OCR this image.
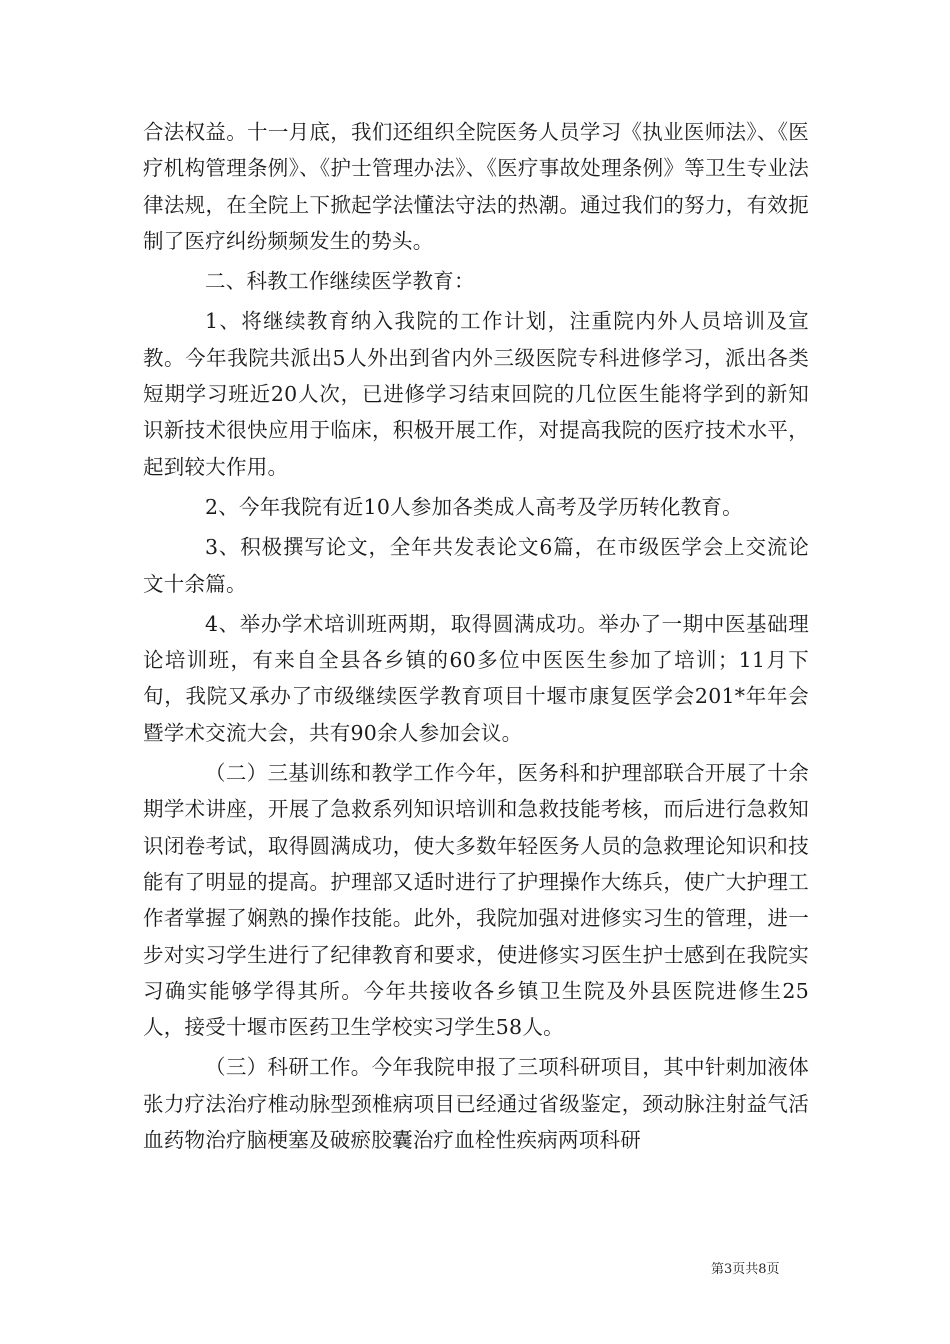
合法权益。十一月底，我们还组织全院医务人员学习《执业医师法》、《医疗机构管理条例》、《护士管理办法》、《医疗事故处理条例》等卫生专业法律法规，在全院上下掀起学法懂法守法的热潮。通过我们的努力，有效扼制了医疗纠纷频频发生的势头。

二、科教工作继续医学教育：

1、将继续教育纳入我院的工作计划，注重院内外人员培训及宣教。今年我院共派出5人外出到省内外三级医院专科进修学习，派出各类短期学习班近20人次，已进修学习结束回院的几位医生能将学到的新知识新技术很快应用于临床，积极开展工作，对提高我院的医疗技术水平，起到较大作用。

2、今年我院有近10人参加各类成人高考及学历转化教育。

3、积极撰写论文，全年共发表论文6篇，在市级医学会上交流论文十余篇。

4、举办学术培训班两期，取得圆满成功。举办了一期中医基础理论培训班，有来自全县各乡镇的60多位中医医生参加了培训；11月下旬，我院又承办了市级继续医学教育项目十堰市康复医学会201*年年会暨学术交流大会，共有90余人参加会议。

（二）三基训练和教学工作今年，医务科和护理部联合开展了十余期学术讲座，开展了急救系列知识培训和急救技能考核，而后进行急救知识闭卷考试，取得圆满成功，使大多数年轻医务人员的急救理论知识和技能有了明显的提高。护理部又适时进行了护理操作大练兵，使广大护理工作者掌握了娴熟的操作技能。此外，我院加强对进修实习生的管理，进一步对实习学生进行了纪律教育和要求，使进修实习医生护士感到在我院实习确实能够学得其所。今年共接收各乡镇卫生院及外县医院进修生25人，接受十堰市医药卫生学校实习学生58人。

（三）科研工作。今年我院申报了三项科研项目，其中针刺加液体张力疗法治疗椎动脉型颈椎病项目已经通过省级鉴定，颈动脉注射益气活血药物治疗脑梗塞及破瘀胶囊治疗血栓性疾病两项科研

第3页共8页
